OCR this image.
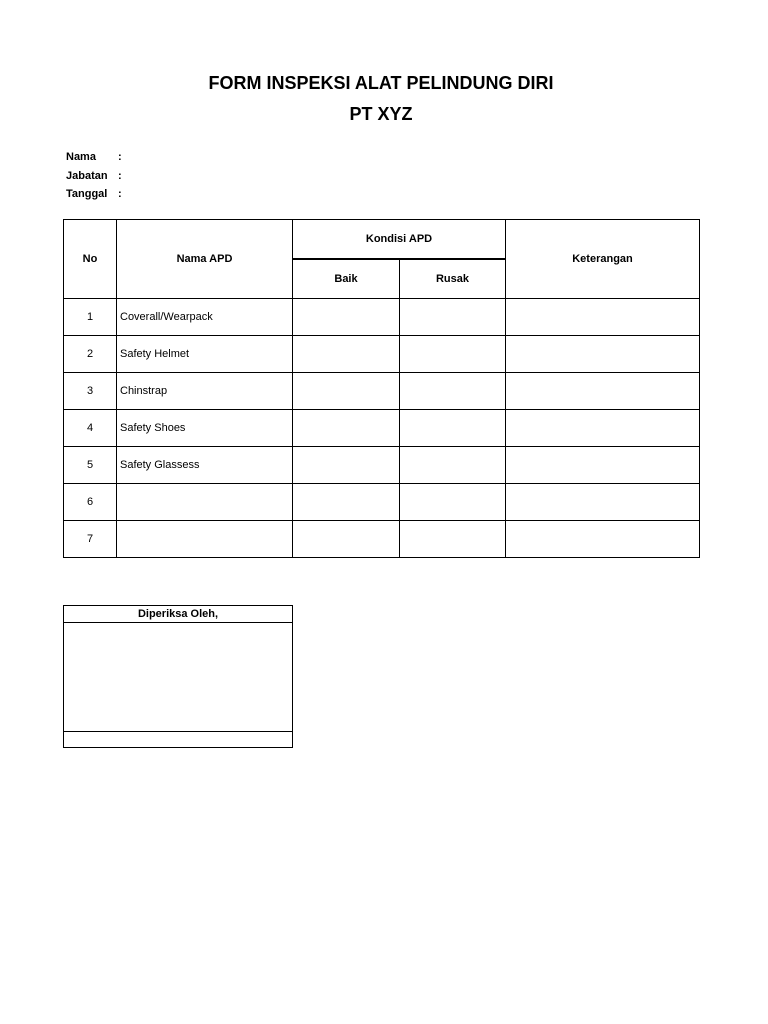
FORM INSPEKSI ALAT PELINDUNG DIRI
PT XYZ
Nama	:
Jabatan :
Tanggal :
No	Nama APD	Kondisi APD		Keterangan
		Baik	Rusak	
1	Coverall/Wearpack			
2	Safety Helmet			
3	Chinstrap			
4	Safety Shoes			
5	Safety Glassess			
6				
7				
Diperiksa Oleh,
